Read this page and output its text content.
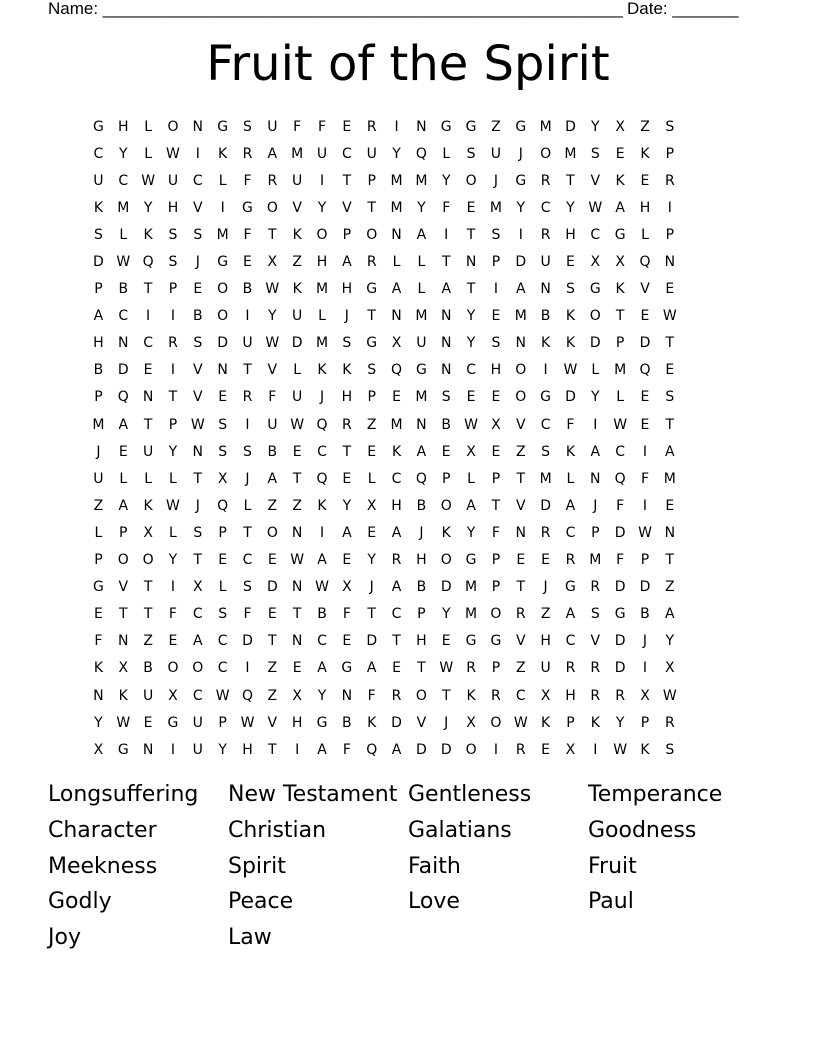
Name: _______________________________________________________ Date: _______
Fruit of the Spirit
G	H	L	O	N	G	S	U	F	F	E	R	I	N	G G	Z	G M D	Y	X	Z	S
C	Y	L	W	I	K	R	A	M U	C	U	Y	Q	L	S	U	J	O M	S	E	K	P
U	C W U	C	L	F	R	U	I	T	P	M M	Y	O	J	G	R	T	V	K	E	R
K	M	Y	H	V	I	G O	V	Y	V	T	M	Y	F	E	M	Y	C	Y W A	H	I
S	L	K	S	S	M	F	T	K	O	P	O	N	A	I	T	S	I	R	H	C	G	L	P
D W Q	S	J	G	E	X	Z	H	A	R	L	L	T	N	P	D	U	E	X	X	Q	N
P	B	T	P	E	O	B W K	M H	G	A	L	A	T	I	A	N	S	G	K	V	E
A	C	I	I	B	O	I	Y	U	L	J	T	N M N	Y	E	M B	K	O	T	E W
H	N	C	R	S	D	U W D M	S	G	X	U	N	Y	S	N	K	K	D	P	D	T
B	D	E	I	V	N	T	V	L	K	K	S	Q G	N	C	H	O	I	W	L	M Q	E
P	Q	N	T	V	E	R	F	U	J	H	P	E	M	S	E	E	O G	D	Y	L	E	S
M	A	T	P W S	I	U W Q	R	Z	M N	B W X	V	C	F	I	W E	T
J	E	U	Y	N	S	S	B	E	C	T	E	K	A	E	X	E	Z	S	K	A	C	I	A
U	L	L	L	T	X	J	A	T	Q	E	L	C	Q	P	L	P	T	M	L	N	Q	F	M
Z	A	K W	J	Q	L	Z	Z	K	Y	X	H	B	O	A	T	V	D	A	J	F	I	E
L	P	X	L	S	P	T	O	N	I	A	E	A	J	K	Y	F	N	R	C	P	D W N
P	O O	Y	T	E	C	E W A	E	Y	R	H	O G	P	E	E	R M	F	P	T
G	V	T	I	X	L	S	D	N W X	J	A	B	D M	P	T	J	G	R	D	D	Z
E	T	T	F	C	S	F	E	T	B	F	T	C	P	Y	M O	R	Z	A	S	G	B	A
F	N	Z	E	A	C	D	T	N	C	E	D	T	H	E	G G	V	H	C	V	D	J	Y
K	X	B	O O	C	I	Z	E	A	G	A	E	T W R	P	Z	U	R	R	D	I	X
N	K	U	X	C W Q	Z	X	Y	N	F	R	O	T	K	R	C	X	H	R	R	X W
Y W E	G	U	P W V	H	G	B	K	D	V	J	X	O W K	P	K	Y	P	R
X	G	N	I	U	Y	H	T	I	A	F	Q	A	D	D O	I	R	E	X	I	W K	S
Longsuffering	New Testament Gentleness	Temperance
Character	Christian	Galatians	Goodness
Meekness	Spirit	Faith	Fruit
Godly	Peace	Love	Paul
Joy	Law
